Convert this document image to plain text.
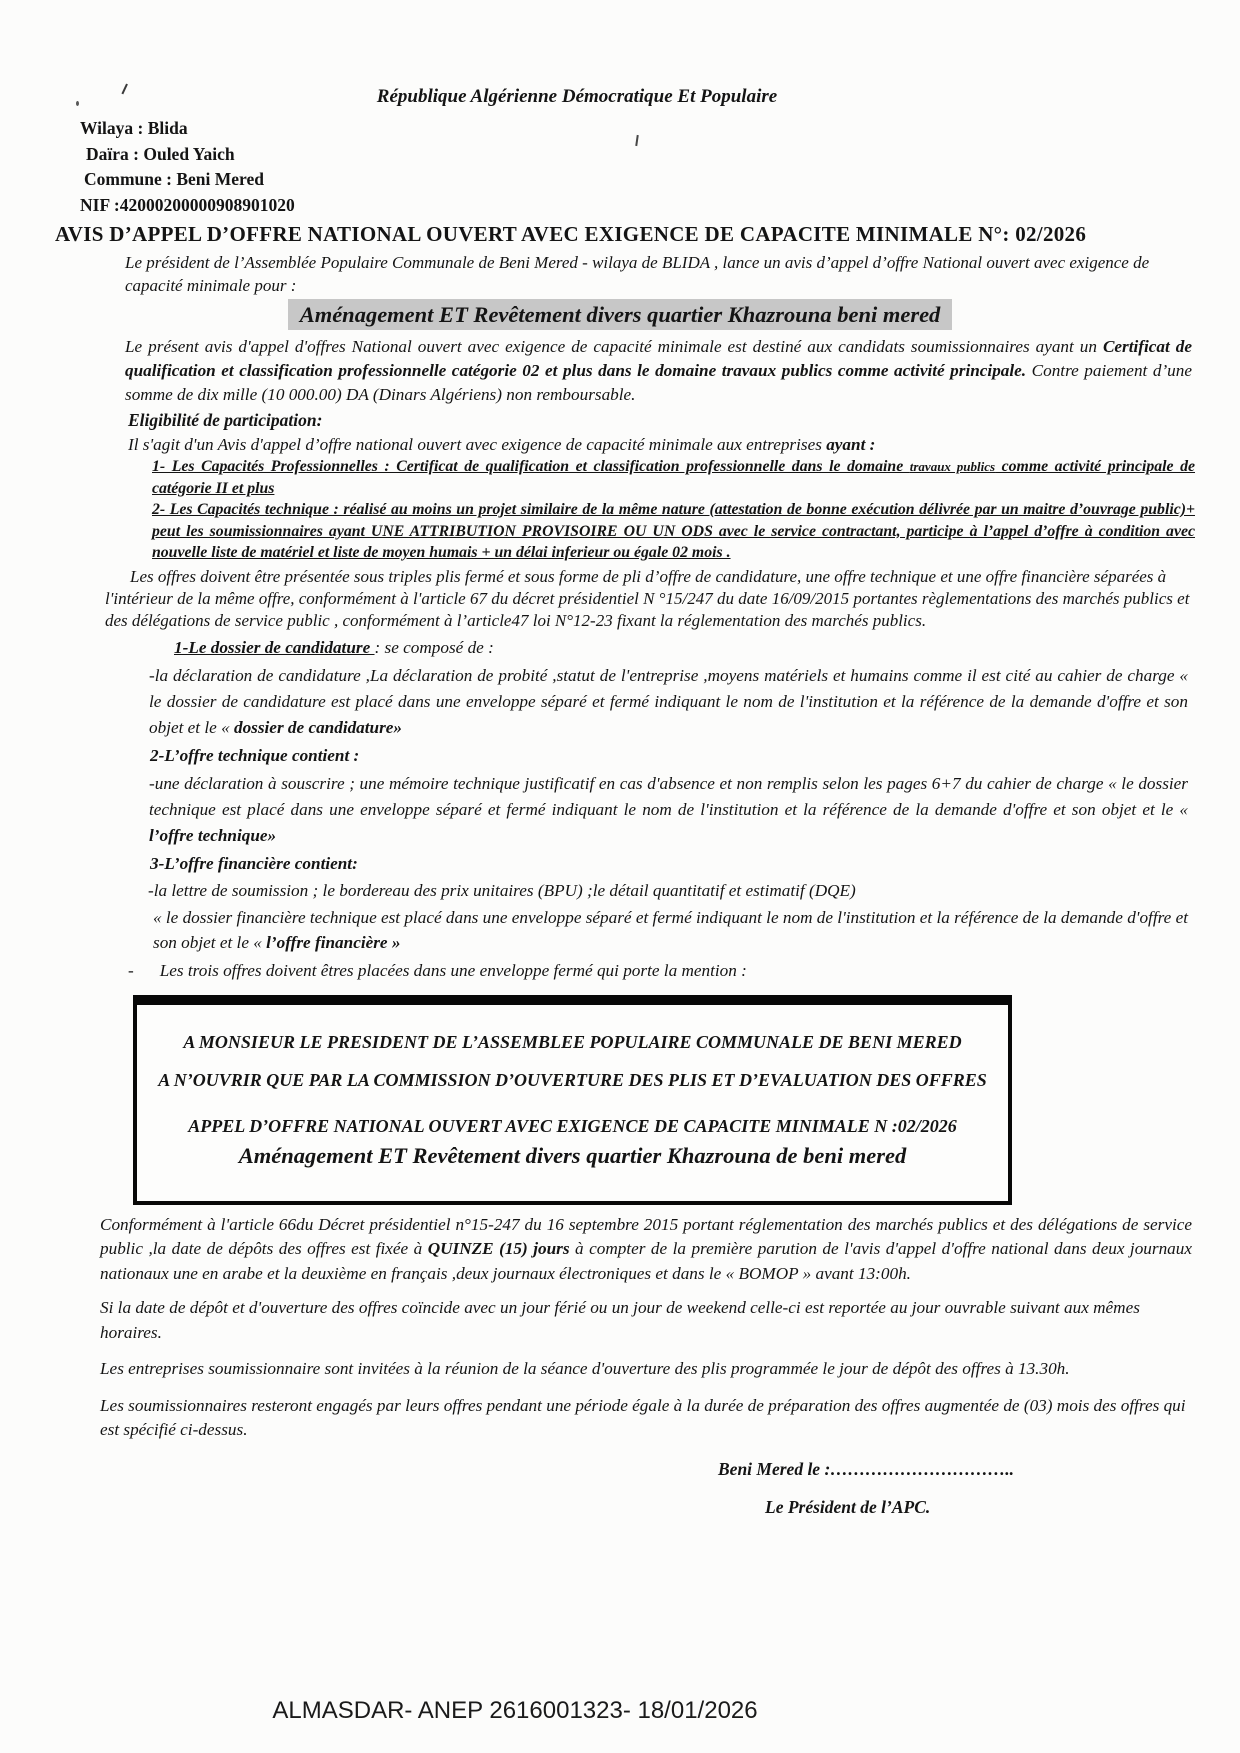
République Algérienne Démocratique Et Populaire
Wilaya : Blida
Daïra : Ouled Yaich
Commune : Beni Mered
NIF :42000200000908901020
AVIS D’APPEL D’OFFRE NATIONAL OUVERT AVEC EXIGENCE DE CAPACITE MINIMALE N°: 02/2026
Le président de l’Assemblée Populaire Communale de Beni Mered - wilaya de BLIDA , lance un avis d’appel d’offre National ouvert avec exigence de capacité minimale pour :
Aménagement ET Revêtement divers quartier Khazrouna beni mered
Le présent avis d'appel d'offres National ouvert avec exigence de capacité minimale est destiné aux candidats soumissionnaires ayant un Certificat de qualification et classification professionnelle catégorie 02 et plus dans le domaine travaux publics comme activité principale. Contre paiement d’une somme de dix mille (10 000.00) DA (Dinars Algériens) non remboursable.
Eligibilité de participation:
Il s'agit d'un Avis d'appel d’offre national ouvert avec exigence de capacité minimale aux entreprises ayant :
1- Les Capacités Professionnelles : Certificat de qualification et classification professionnelle dans le domaine travaux publics comme activité principale de catégorie II et plus
2- Les Capacités technique : réalisé au moins un projet similaire de la même nature (attestation de bonne exécution délivrée par un maitre d’ouvrage public)+ peut les soumissionnaires ayant UNE ATTRIBUTION PROVISOIRE OU UN ODS avec le service contractant, participe à l’appel d’offre à condition avec nouvelle liste de matériel et liste de moyen humais + un délai inferieur ou égale 02 mois .
Les offres doivent être présentée sous triples plis fermé et sous forme de pli d’offre de candidature, une offre technique et une offre financière séparées à l'intérieur de la même offre, conformément à l'article 67 du décret présidentiel N °15/247 du date 16/09/2015 portantes règlementations des marchés publics et des délégations de service public , conformément à l’article47 loi N°12-23 fixant la réglementation des marchés publics.
1-Le dossier de candidature : se composé de :
-la déclaration de candidature ,La déclaration de probité ,statut de l'entreprise ,moyens matériels et humains comme il est cité au cahier de charge « le dossier de candidature est placé dans une enveloppe séparé et fermé indiquant le nom de l'institution et la référence de la demande d'offre et son objet et le « dossier de candidature»
2-L’offre technique contient :
-une déclaration à souscrire ; une mémoire technique justificatif en cas d'absence et non remplis selon les pages 6+7 du cahier de charge « le dossier technique est placé dans une enveloppe séparé et fermé indiquant le nom de l'institution et la référence de la demande d'offre et son objet et le « l’offre technique»
3-L’offre financière contient:
-la lettre de soumission ; le bordereau des prix unitaires (BPU) ;le détail quantitatif et estimatif (DQE)
« le dossier financière technique est placé dans une enveloppe séparé et fermé indiquant le nom de l'institution et la référence de la demande d'offre et son objet et le « l’offre financière »
- Les trois offres doivent êtres placées dans une enveloppe fermé qui porte la mention :
A MONSIEUR LE PRESIDENT DE L’ASSEMBLEE POPULAIRE COMMUNALE DE BENI MERED
A N’OUVRIR QUE PAR LA COMMISSION D’OUVERTURE DES PLIS ET D’EVALUATION DES OFFRES
APPEL D’OFFRE NATIONAL OUVERT AVEC EXIGENCE DE CAPACITE MINIMALE N :02/2026
Aménagement ET Revêtement divers quartier Khazrouna de beni mered
Conformément à l'article 66du Décret présidentiel n°15-247 du 16 septembre 2015 portant réglementation des marchés publics et des délégations de service public ,la date de dépôts des offres est fixée à QUINZE (15) jours à compter de la première parution de l'avis d'appel d'offre national dans deux journaux nationaux une en arabe et la deuxième en français ,deux journaux électroniques et dans le « BOMOP » avant 13:00h.
Si la date de dépôt et d'ouverture des offres coïncide avec un jour férié ou un jour de weekend celle-ci est reportée au jour ouvrable suivant aux mêmes horaires.
Les entreprises soumissionnaire sont invitées à la réunion de la séance d'ouverture des plis programmée le jour de dépôt des offres à 13.30h.
Les soumissionnaires resteront engagés par leurs offres pendant une période égale à la durée de préparation des offres augmentée de (03) mois des offres qui est spécifié ci-dessus.
Beni Mered le :…………………………..
Le Président de l’APC.
ALMASDAR- ANEP 2616001323- 18/01/2026
